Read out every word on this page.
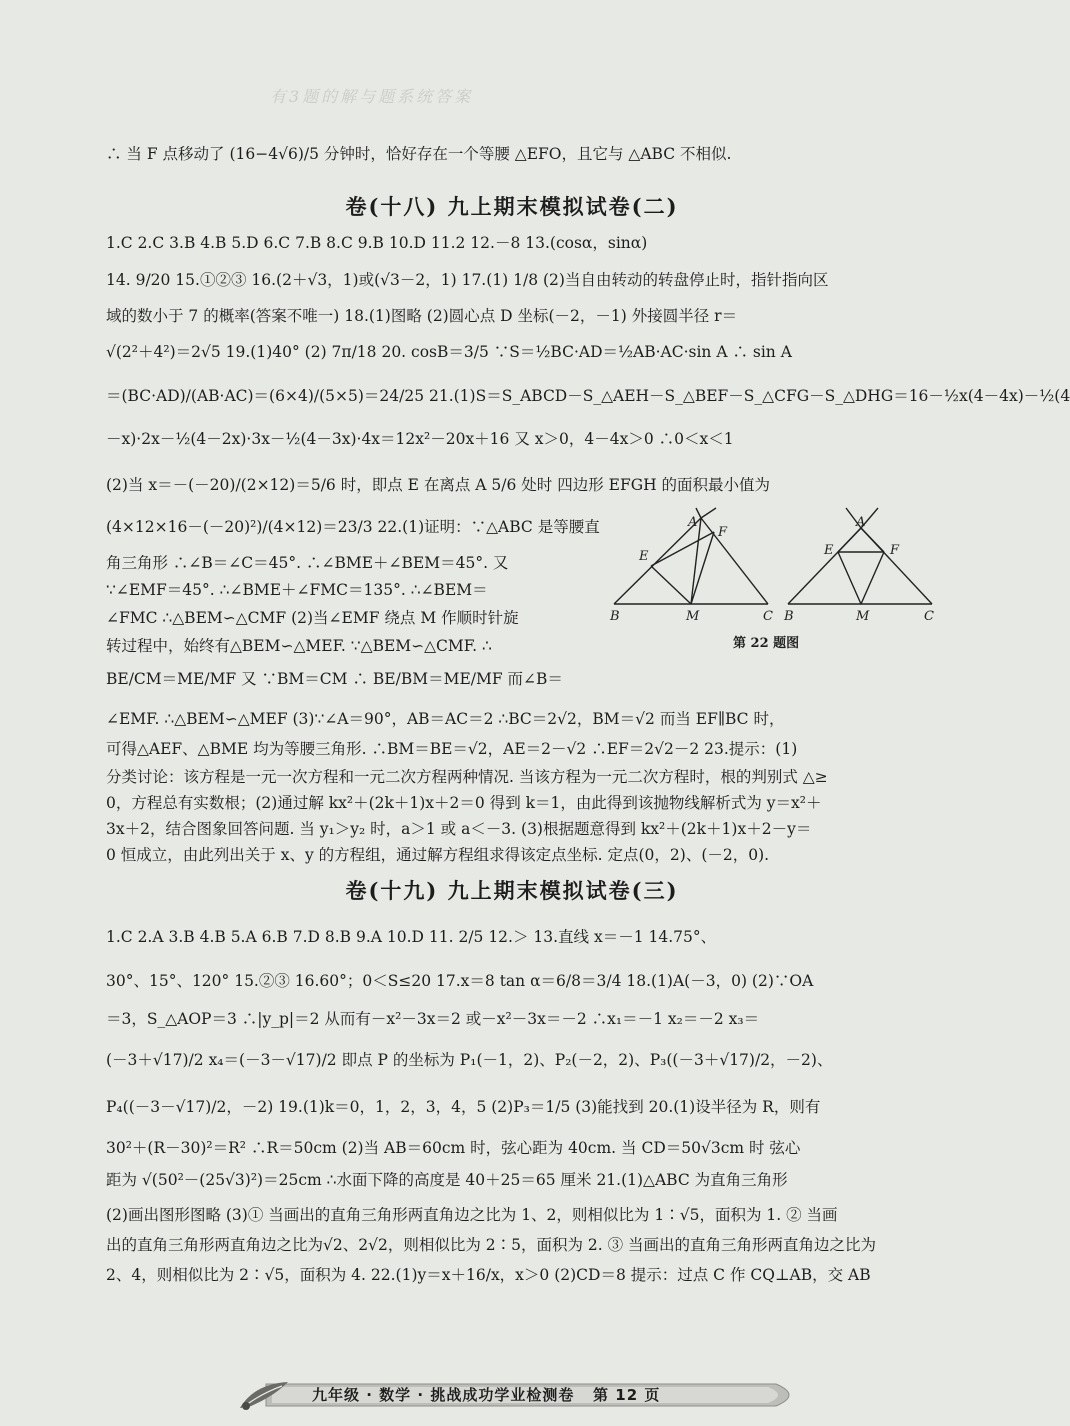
有3题的解与题系统答案
∴ 当 F 点移动了 (16−4√6)/5 分钟时，恰好存在一个等腰 △EFO，且它与 △ABC 不相似.
卷(十八) 九上期末模拟试卷(二)
1.C 2.C 3.B 4.B 5.D 6.C 7.B 8.C 9.B 10.D 11.2 12.－8 13.(cosα，sinα)
14. 9/20 15.①②③ 16.(2＋√3，1)或(√3－2，1) 17.(1) 1/8 (2)当自由转动的转盘停止时，指针指向区
域的数小于 7 的概率(答案不唯一) 18.(1)图略 (2)圆心点 D 坐标(－2，－1) 外接圆半径 r＝
√(2²＋4²)＝2√5 19.(1)40° (2) 7π/18 20. cosB＝3/5 ∵S＝½BC·AD＝½AB·AC·sin A ∴ sin A
＝(BC·AD)/(AB·AC)＝(6×4)/(5×5)＝24/25 21.(1)S＝S_ABCD－S_△AEH－S_△BEF－S_△CFG－S_△DHG＝16－½x(4－4x)－½(4
－x)·2x－½(4－2x)·3x－½(4－3x)·4x＝12x²－20x＋16 又 x＞0，4－4x＞0 ∴0＜x＜1
(2)当 x＝－(－20)/(2×12)＝5/6 时，即点 E 在离点 A 5/6 处时 四边形 EFGH 的面积最小值为
(4×12×16－(－20)²)/(4×12)＝23/3 22.(1)证明：∵△ABC 是等腰直
角三角形 ∴∠B＝∠C＝45°. ∴∠BME＋∠BEM＝45°. 又
∵∠EMF＝45°. ∴∠BME＋∠FMC＝135°. ∴∠BEM＝
∠FMC ∴△BEM∽△CMF (2)当∠EMF 绕点 M 作顺时针旋
转过程中，始终有△BEM∽△MEF. ∵△BEM∽△CMF. ∴
BE/CM＝ME/MF 又 ∵BM＝CM ∴ BE/BM＝ME/MF 而∠B＝
A
E
F
B	M	C
A
E	F
B	M	C
第 22 题图
∠EMF. ∴△BEM∽△MEF (3)∵∠A＝90°，AB＝AC＝2 ∴BC＝2√2，BM＝√2 而当 EF∥BC 时，
可得△AEF、△BME 均为等腰三角形. ∴BM＝BE＝√2，AE＝2－√2 ∴EF＝2√2－2 23.提示：(1)
分类讨论：该方程是一元一次方程和一元二次方程两种情况. 当该方程为一元二次方程时，根的判别式 △≥
0，方程总有实数根；(2)通过解 kx²＋(2k＋1)x＋2＝0 得到 k＝1，由此得到该抛物线解析式为 y＝x²＋
3x＋2，结合图象回答问题. 当 y₁＞y₂ 时，a＞1 或 a＜－3. (3)根据题意得到 kx²＋(2k＋1)x＋2－y＝
0 恒成立，由此列出关于 x、y 的方程组，通过解方程组求得该定点坐标. 定点(0，2)、(－2，0).
卷(十九) 九上期末模拟试卷(三)
1.C 2.A 3.B 4.B 5.A 6.B 7.D 8.B 9.A 10.D 11. 2/5 12.＞ 13.直线 x＝－1 14.75°、
30°、15°、120° 15.②③ 16.60°；0＜S≤20 17.x＝8 tan α＝6/8＝3/4 18.(1)A(－3，0) (2)∵OA
＝3，S_△AOP＝3 ∴|y_p|＝2 从而有－x²－3x＝2 或－x²－3x＝－2 ∴x₁＝－1 x₂＝－2 x₃＝
(－3＋√17)/2 x₄＝(－3－√17)/2 即点 P 的坐标为 P₁(－1，2)、P₂(－2，2)、P₃((－3＋√17)/2，－2)、
P₄((－3－√17)/2，－2) 19.(1)k＝0，1，2，3，4，5 (2)P₃＝1/5 (3)能找到 20.(1)设半径为 R，则有
30²＋(R－30)²＝R² ∴R＝50cm (2)当 AB＝60cm 时，弦心距为 40cm. 当 CD＝50√3cm 时 弦心
距为 √(50²－(25√3)²)＝25cm ∴水面下降的高度是 40＋25＝65 厘米 21.(1)△ABC 为直角三角形
(2)画出图形图略 (3)① 当画出的直角三角形两直角边之比为 1、2，则相似比为 1∶√5，面积为 1. ② 当画
出的直角三角形两直角边之比为√2、2√2，则相似比为 2∶5，面积为 2. ③ 当画出的直角三角形两直角边之比为
2、4，则相似比为 2∶√5，面积为 4. 22.(1)y＝x＋16/x，x＞0 (2)CD＝8 提示：过点 C 作 CQ⊥AB，交 AB
九年级 · 数学 · 挑战成功学业检测卷 第 12 页
